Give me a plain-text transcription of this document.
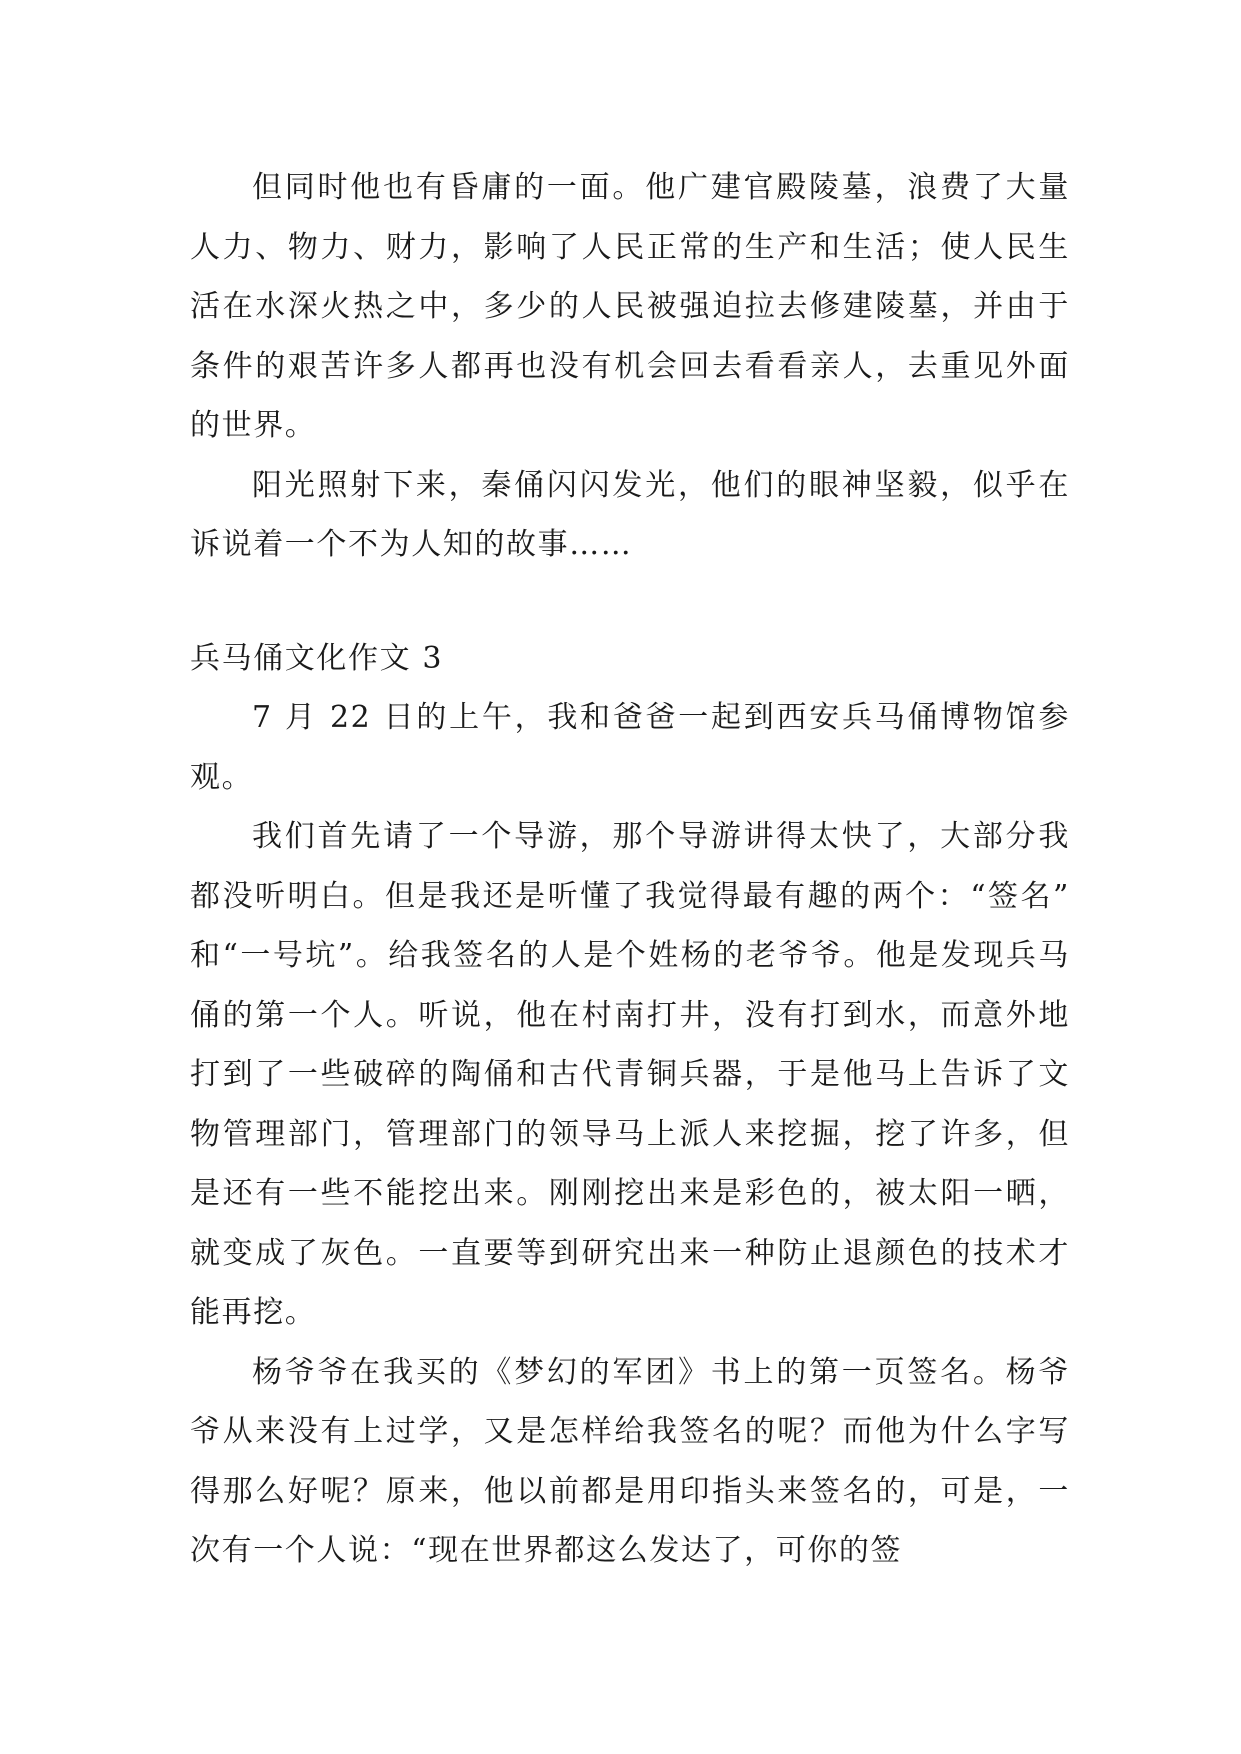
但同时他也有昏庸的一面。他广建官殿陵墓，浪费了大量人力、物力、财力，影响了人民正常的生产和生活；使人民生活在水深火热之中，多少的人民被强迫拉去修建陵墓，并由于条件的艰苦许多人都再也没有机会回去看看亲人，去重见外面的世界。

阳光照射下来，秦俑闪闪发光，他们的眼神坚毅，似乎在诉说着一个不为人知的故事……

兵马俑文化作文 3

7 月 22 日的上午，我和爸爸一起到西安兵马俑博物馆参观。

我们首先请了一个导游，那个导游讲得太快了，大部分我都没听明白。但是我还是听懂了我觉得最有趣的两个：“签名”和“一号坑”。给我签名的人是个姓杨的老爷爷。他是发现兵马俑的第一个人。听说，他在村南打井，没有打到水，而意外地打到了一些破碎的陶俑和古代青铜兵器，于是他马上告诉了文物管理部门，管理部门的领导马上派人来挖掘，挖了许多，但是还有一些不能挖出来。刚刚挖出来是彩色的，被太阳一晒，就变成了灰色。一直要等到研究出来一种防止退颜色的技术才能再挖。

杨爷爷在我买的《梦幻的军团》书上的第一页签名。杨爷爷从来没有上过学，又是怎样给我签名的呢？而他为什么字写得那么好呢？原来，他以前都是用印指头来签名的，可是，一次有一个人说：“现在世界都这么发达了，可你的签
